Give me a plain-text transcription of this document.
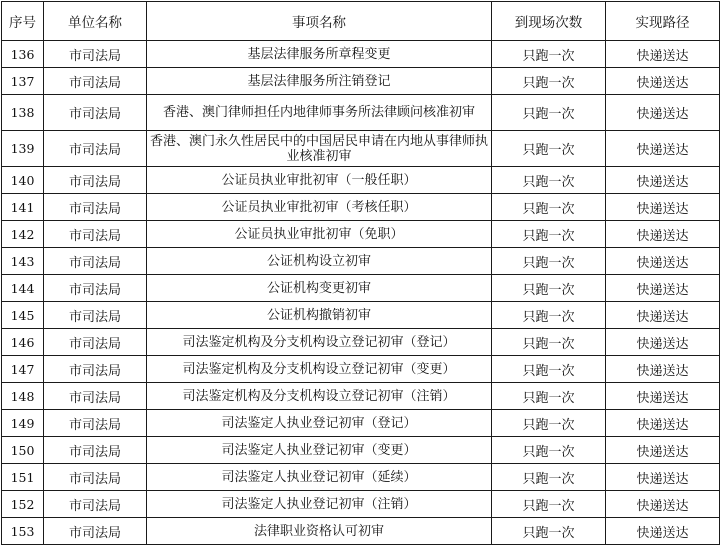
序号	单位名称	事项名称	到现场次数	实现路径
136	市司法局	基层法律服务所章程变更	只跑一次	快递送达
137	市司法局	基层法律服务所注销登记	只跑一次	快递送达
138	市司法局	香港、澳门律师担任内地律师事务所法律顾问核准初审	只跑一次	快递送达
139	市司法局	香港、澳门永久性居民中的中国居民申请在内地从事律师执业核准初审	只跑一次	快递送达
140	市司法局	公证员执业审批初审（一般任职）	只跑一次	快递送达
141	市司法局	公证员执业审批初审（考核任职）	只跑一次	快递送达
142	市司法局	公证员执业审批初审（免职）	只跑一次	快递送达
143	市司法局	公证机构设立初审	只跑一次	快递送达
144	市司法局	公证机构变更初审	只跑一次	快递送达
145	市司法局	公证机构撤销初审	只跑一次	快递送达
146	市司法局	司法鉴定机构及分支机构设立登记初审（登记）	只跑一次	快递送达
147	市司法局	司法鉴定机构及分支机构设立登记初审（变更）	只跑一次	快递送达
148	市司法局	司法鉴定机构及分支机构设立登记初审（注销）	只跑一次	快递送达
149	市司法局	司法鉴定人执业登记初审（登记）	只跑一次	快递送达
150	市司法局	司法鉴定人执业登记初审（变更）	只跑一次	快递送达
151	市司法局	司法鉴定人执业登记初审（延续）	只跑一次	快递送达
152	市司法局	司法鉴定人执业登记初审（注销）	只跑一次	快递送达
153	市司法局	法律职业资格认可初审	只跑一次	快递送达
